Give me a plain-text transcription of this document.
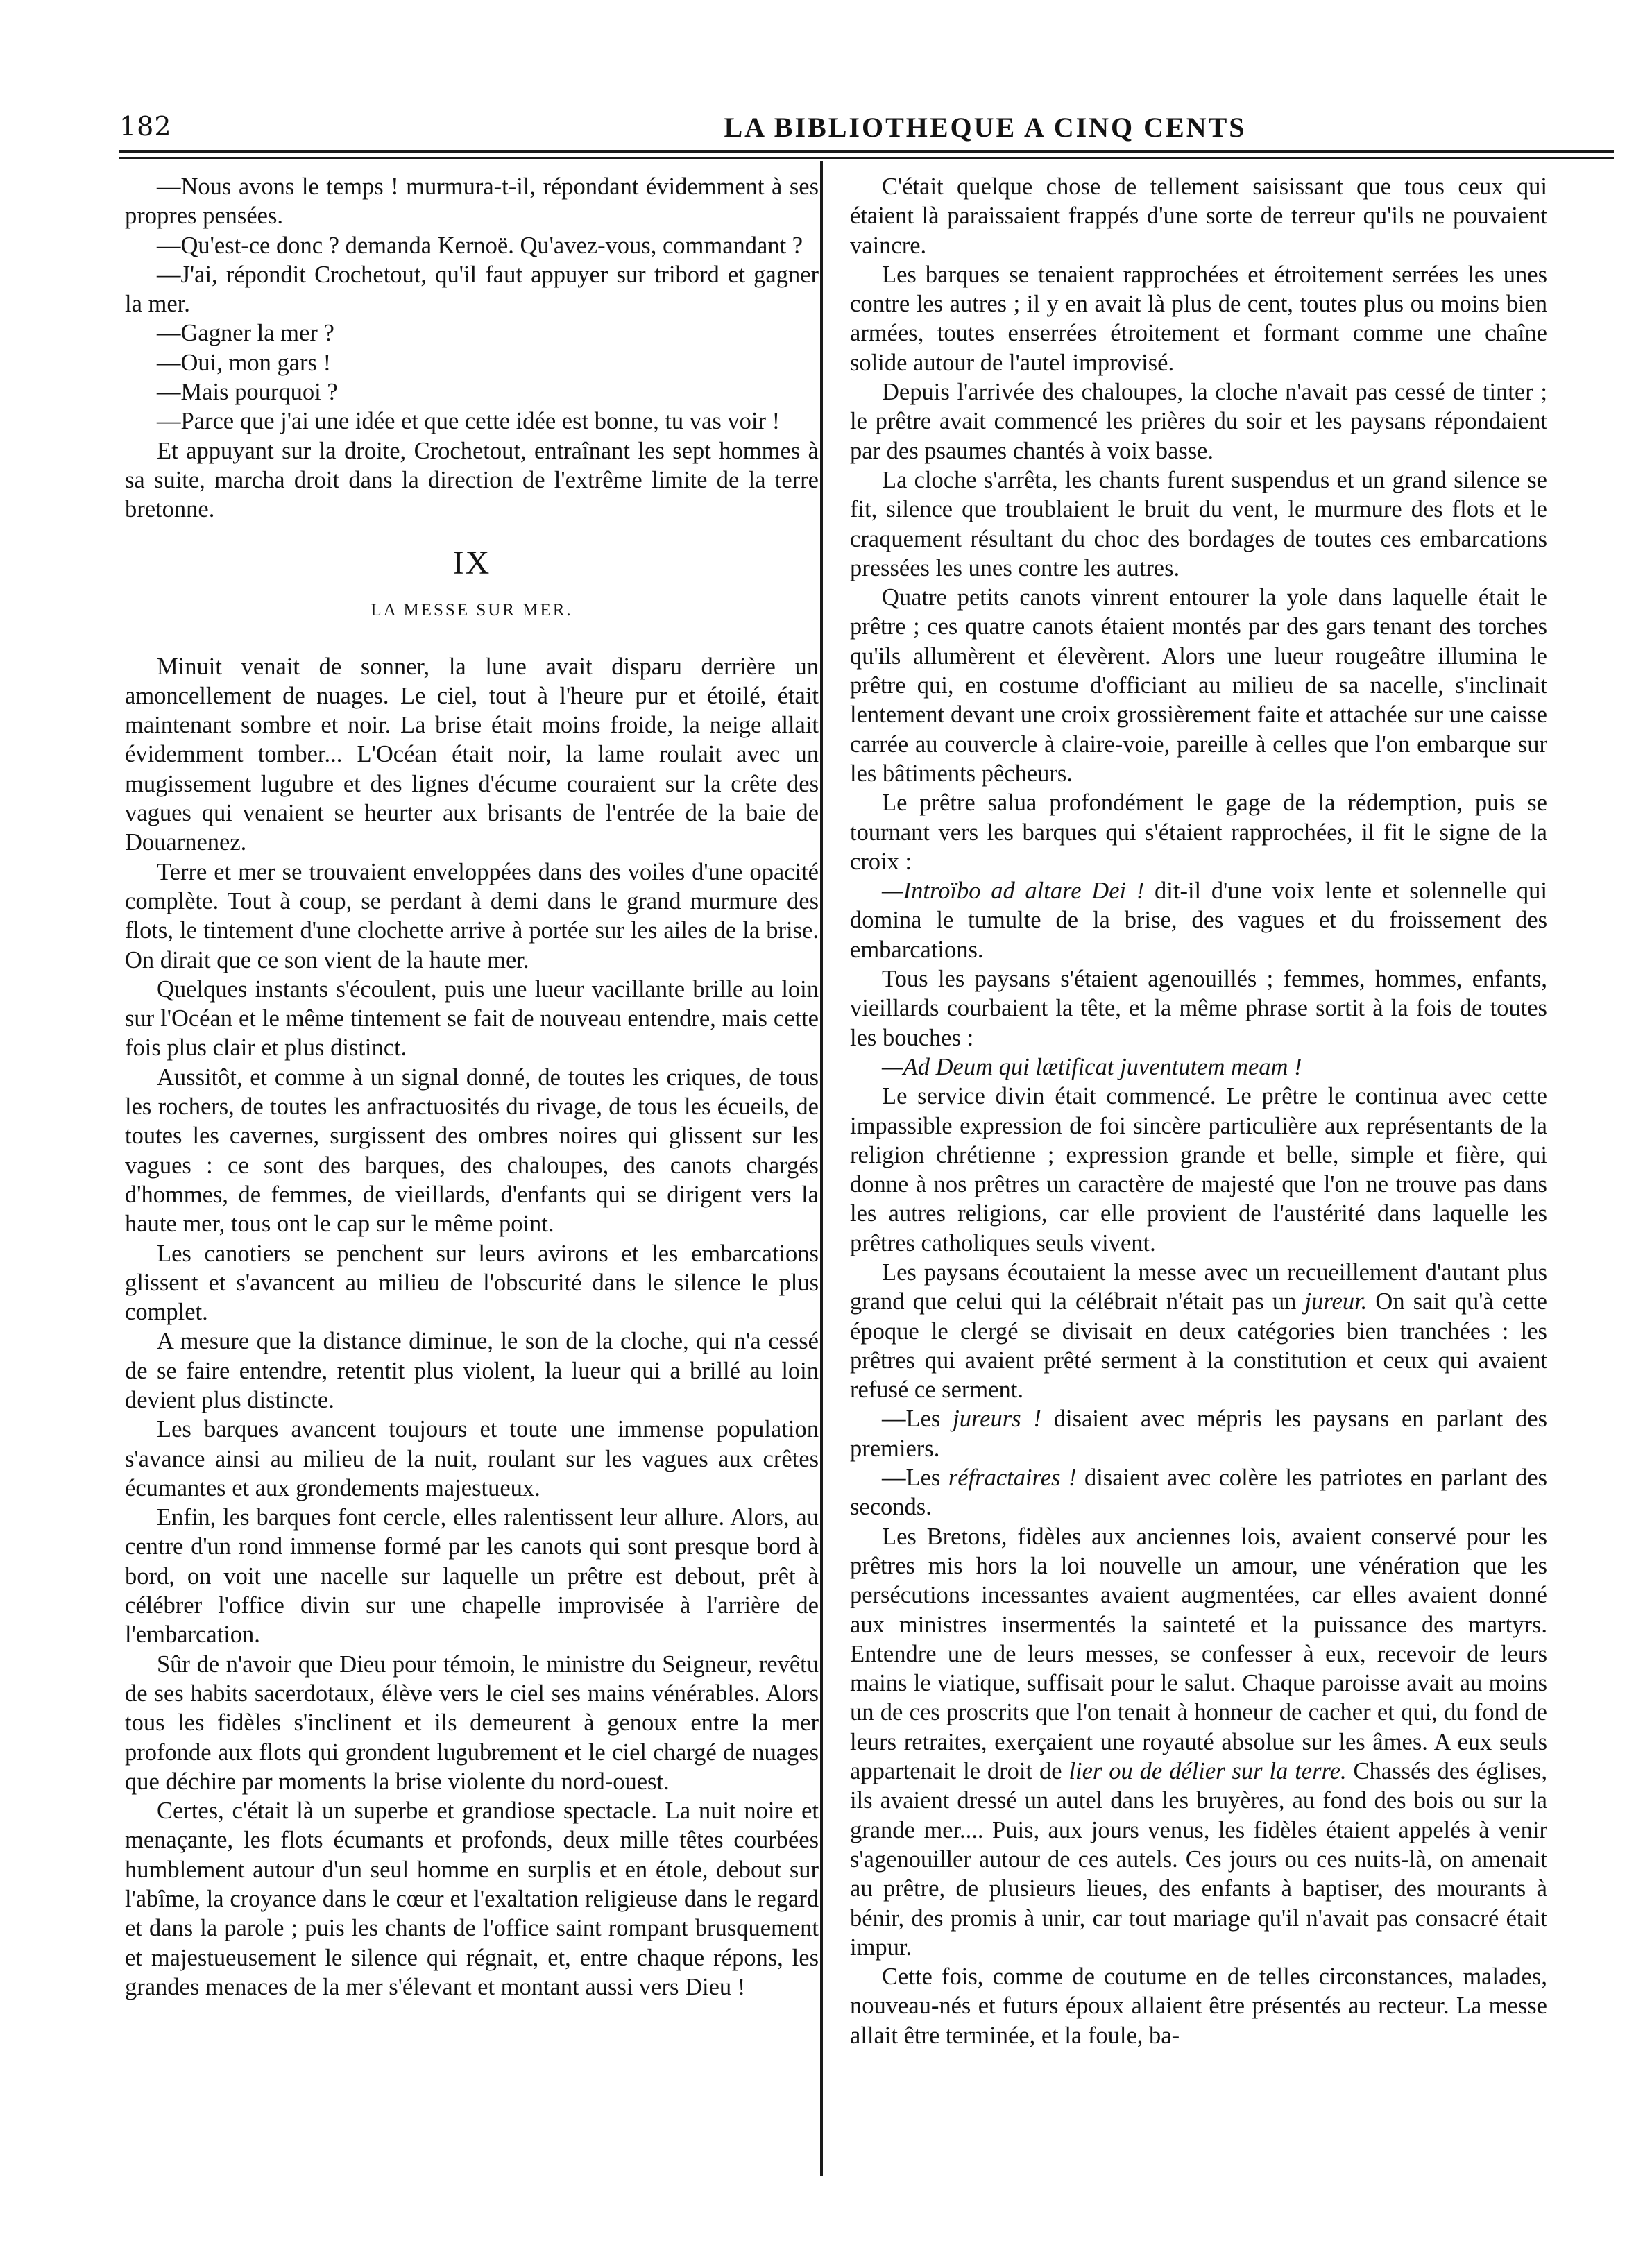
182	LA BIBLIOTHEQUE A CINQ CENTS

—Nous avons le temps ! murmura-t-il, répondant évidemment à ses propres pensées.

—Qu'est-ce donc ? demanda Kernoë. Qu'avez-vous, commandant ?

—J'ai, répondit Crochetout, qu'il faut appuyer sur tribord et gagner la mer.

—Gagner la mer ?

—Oui, mon gars !

—Mais pourquoi ?

—Parce que j'ai une idée et que cette idée est bonne, tu vas voir !

Et appuyant sur la droite, Crochetout, entraînant les sept hommes à sa suite, marcha droit dans la direction de l'extrême limite de la terre bretonne.

IX
LA MESSE SUR MER.

Minuit venait de sonner, la lune avait disparu derrière un amoncellement de nuages. Le ciel, tout à l'heure pur et étoilé, était maintenant sombre et noir. La brise était moins froide, la neige allait évidemment tomber... L'Océan était noir, la lame roulait avec un mugissement lugubre et des lignes d'écume couraient sur la crête des vagues qui venaient se heurter aux brisants de l'entrée de la baie de Douarnenez.

Terre et mer se trouvaient enveloppées dans des voiles d'une opacité complète. Tout à coup, se perdant à demi dans le grand murmure des flots, le tintement d'une clochette arrive à portée sur les ailes de la brise. On dirait que ce son vient de la haute mer.

Quelques instants s'écoulent, puis une lueur vacillante brille au loin sur l'Océan et le même tintement se fait de nouveau entendre, mais cette fois plus clair et plus distinct.

Aussitôt, et comme à un signal donné, de toutes les criques, de tous les rochers, de toutes les anfractuosités du rivage, de tous les écueils, de toutes les cavernes, surgissent des ombres noires qui glissent sur les vagues : ce sont des barques, des chaloupes, des canots chargés d'hommes, de femmes, de vieillards, d'enfants qui se dirigent vers la haute mer, tous ont le cap sur le même point.

Les canotiers se penchent sur leurs avirons et les embarcations glissent et s'avancent au milieu de l'obscurité dans le silence le plus complet.

A mesure que la distance diminue, le son de la cloche, qui n'a cessé de se faire entendre, retentit plus violent, la lueur qui a brillé au loin devient plus distincte.

Les barques avancent toujours et toute une immense population s'avance ainsi au milieu de la nuit, roulant sur les vagues aux crêtes écumantes et aux grondements majestueux.

Enfin, les barques font cercle, elles ralentissent leur allure. Alors, au centre d'un rond immense formé par les canots qui sont presque bord à bord, on voit une nacelle sur laquelle un prêtre est debout, prêt à célébrer l'office divin sur une chapelle improvisée à l'arrière de l'embarcation.

Sûr de n'avoir que Dieu pour témoin, le ministre du Seigneur, revêtu de ses habits sacerdotaux, élève vers le ciel ses mains vénérables. Alors tous les fidèles s'inclinent et ils demeurent à genoux entre la mer profonde aux flots qui grondent lugubrement et le ciel chargé de nuages que déchire par moments la brise violente du nord-ouest.

Certes, c'était là un superbe et grandiose spectacle. La nuit noire et menaçante, les flots écumants et profonds, deux mille têtes courbées humblement autour d'un seul homme en surplis et en étole, debout sur l'abîme, la croyance dans le cœur et l'exaltation religieuse dans le regard et dans la parole ; puis les chants de l'office saint rompant brusquement et majestueusement le silence qui régnait, et, entre chaque répons, les grandes menaces de la mer s'élevant et montant aussi vers Dieu !

C'était quelque chose de tellement saisissant que tous ceux qui étaient là paraissaient frappés d'une sorte de terreur qu'ils ne pouvaient vaincre.

Les barques se tenaient rapprochées et étroitement serrées les unes contre les autres ; il y en avait là plus de cent, toutes plus ou moins bien armées, toutes enserrées étroitement et formant comme une chaîne solide autour de l'autel improvisé.

Depuis l'arrivée des chaloupes, la cloche n'avait pas cessé de tinter ; le prêtre avait commencé les prières du soir et les paysans répondaient par des psaumes chantés à voix basse.

La cloche s'arrêta, les chants furent suspendus et un grand silence se fit, silence que troublaient le bruit du vent, le murmure des flots et le craquement résultant du choc des bordages de toutes ces embarcations pressées les unes contre les autres.

Quatre petits canots vinrent entourer la yole dans laquelle était le prêtre ; ces quatre canots étaient montés par des gars tenant des torches qu'ils allumèrent et élevèrent. Alors une lueur rougeâtre illumina le prêtre qui, en costume d'officiant au milieu de sa nacelle, s'inclinait lentement devant une croix grossièrement faite et attachée sur une caisse carrée au couvercle à claire-voie, pareille à celles que l'on embarque sur les bâtiments pêcheurs.

Le prêtre salua profondément le gage de la rédemption, puis se tournant vers les barques qui s'étaient rapprochées, il fit le signe de la croix :

—Introïbo ad altare Dei ! dit-il d'une voix lente et solennelle qui domina le tumulte de la brise, des vagues et du froissement des embarcations.

Tous les paysans s'étaient agenouillés ; femmes, hommes, enfants, vieillards courbaient la tête, et la même phrase sortit à la fois de toutes les bouches :

—Ad Deum qui lætificat juventutem meam !

Le service divin était commencé. Le prêtre le continua avec cette impassible expression de foi sincère particulière aux représentants de la religion chrétienne ; expression grande et belle, simple et fière, qui donne à nos prêtres un caractère de majesté que l'on ne trouve pas dans les autres religions, car elle provient de l'austérité dans laquelle les prêtres catholiques seuls vivent.

Les paysans écoutaient la messe avec un recueillement d'autant plus grand que celui qui la célébrait n'était pas un jureur. On sait qu'à cette époque le clergé se divisait en deux catégories bien tranchées : les prêtres qui avaient prêté serment à la constitution et ceux qui avaient refusé ce serment.

—Les jureurs ! disaient avec mépris les paysans en parlant des premiers.

—Les réfractaires ! disaient avec colère les patriotes en parlant des seconds.

Les Bretons, fidèles aux anciennes lois, avaient conservé pour les prêtres mis hors la loi nouvelle un amour, une vénération que les persécutions incessantes avaient augmentées, car elles avaient donné aux ministres insermentés la sainteté et la puissance des martyrs. Entendre une de leurs messes, se confesser à eux, recevoir de leurs mains le viatique, suffisait pour le salut. Chaque paroisse avait au moins un de ces proscrits que l'on tenait à honneur de cacher et qui, du fond de leurs retraites, exerçaient une royauté absolue sur les âmes. A eux seuls appartenait le droit de lier ou de délier sur la terre. Chassés des églises, ils avaient dressé un autel dans les bruyères, au fond des bois ou sur la grande mer.... Puis, aux jours venus, les fidèles étaient appelés à venir s'agenouiller autour de ces autels. Ces jours ou ces nuits-là, on amenait au prêtre, de plusieurs lieues, des enfants à baptiser, des mourants à bénir, des promis à unir, car tout mariage qu'il n'avait pas consacré était impur.

Cette fois, comme de coutume en de telles circonstances, malades, nouveau-nés et futurs époux allaient être présentés au recteur. La messe allait être terminée, et la foule, ba-
